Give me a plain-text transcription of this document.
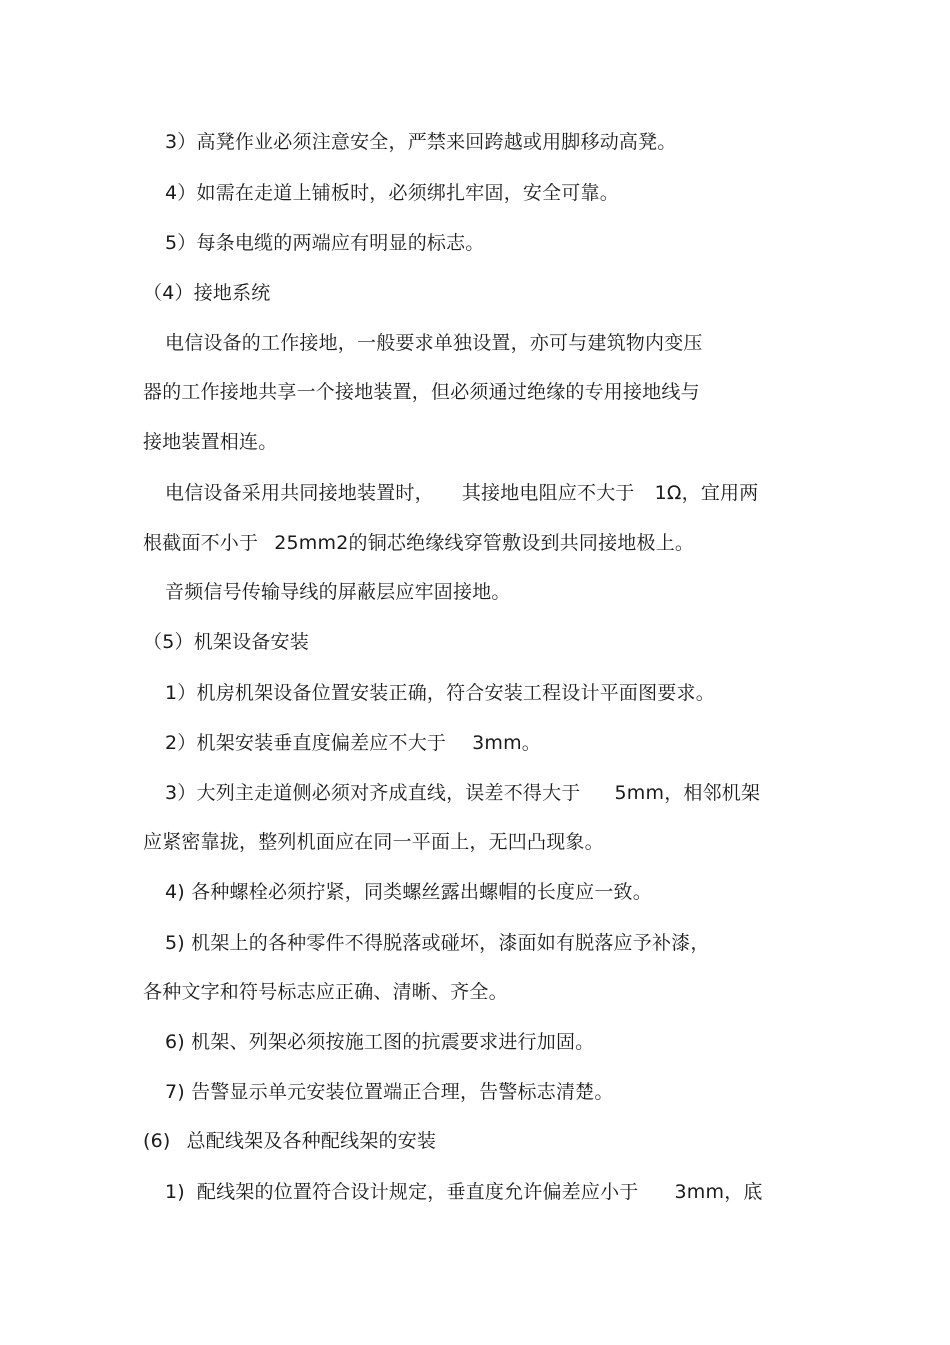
3）高凳作业必须注意安全，严禁来回跨越或用脚移动高凳。
4）如需在走道上铺板时，必须绑扎牢固，安全可靠。
5）每条电缆的两端应有明显的标志。
（4）接地系统
电信设备的工作接地，一般要求单独设置，亦可与建筑物内变压
器的工作接地共享一个接地装置，但必须通过绝缘的专用接地线与
接地装置相连。
电信设备采用共同接地装置时， 其接地电阻应不大于 1Ω，宜用两
根截面不小于 25mm2的铜芯绝缘线穿管敷设到共同接地极上。
音频信号传输导线的屏蔽层应牢固接地。
（5）机架设备安装
1）机房机架设备位置安装正确，符合安装工程设计平面图要求。
2）机架安装垂直度偏差应不大于 3mm。
3）大列主走道侧必须对齐成直线，误差不得大于 5mm，相邻机架
应紧密靠拢，整列机面应在同一平面上，无凹凸现象。
4) 各种螺栓必须拧紧，同类螺丝露出螺帽的长度应一致。
5) 机架上的各种零件不得脱落或碰坏，漆面如有脱落应予补漆，
各种文字和符号标志应正确、清晰、齐全。
6) 机架、列架必须按施工图的抗震要求进行加固。
7) 告警显示单元安装位置端正合理，告警标志清楚。
(6) 总配线架及各种配线架的安装
1) 配线架的位置符合设计规定，垂直度允许偏差应小于 3mm，底
